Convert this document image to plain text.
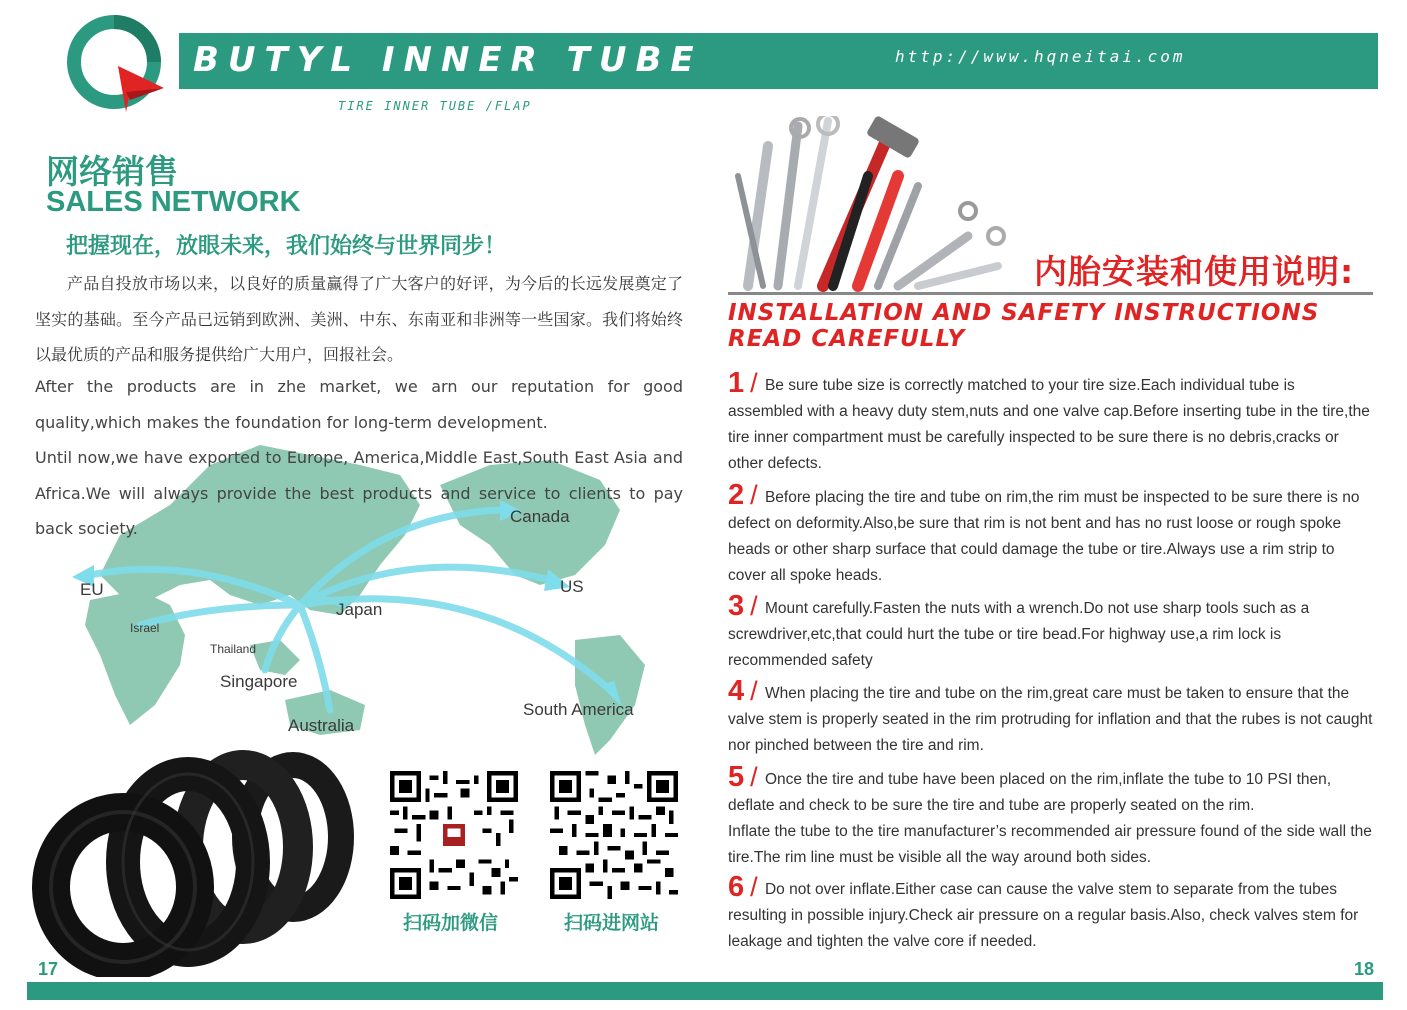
BUTYL INNER TUBE	http://www.hqneitai.com
TIRE INNER TUBE /FLAP
Canada
US
EU
Israel
Japan
Thailand
Singapore
Australia
South America
网络销售
SALES NETWORK
把握现在，放眼未来，我们始终与世界同步！

产品自投放市场以来，以良好的质量赢得了广大客户的好评，为今后的长远发展奠定了坚实的基础。至今产品已远销到欧洲、美洲、中东、东南亚和非洲等一些国家。我们将始终以最优质的产品和服务提供给广大用户，回报社会。

After the products are in zhe market, we arn our reputation for good quality,which makes the foundation for long-term development.

Until now,we have exported to Europe, America,Middle East,South East Asia and Africa.We will always provide the best products and service to clients to pay back society.

扫码加微信	扫码进网站
17
内胎安装和使用说明:
INSTALLATION AND SAFETY INSTRUCTIONS
READ CAREFULLY
1 / Be sure tube size is correctly matched to your tire size.Each individual tube is assembled with a heavy duty stem,nuts and one valve cap.Before inserting tube in the tire,the tire inner compartment must be carefully inspected to be sure there is no debris,cracks or other defects.
2 / Before placing the tire and tube on rim,the rim must be inspected to be sure there is no defect on deformity.Also,be sure that rim is not bent and has no rust loose or rough spoke heads or other sharp surface that could damage the tube or tire.Always use a rim strip to cover all spoke heads.
3 / Mount carefully.Fasten the nuts with a wrench.Do not use sharp tools such as a screwdriver,etc,that could hurt the tube or tire bead.For highway use,a rim lock is recommended safety
4 / When placing the tire and tube on the rim,great care must be taken to ensure that the valve stem is properly seated in the rim protruding for inflation and that the rubes is not caught nor pinched between the tire and rim.
5 / Once the tire and tube have been placed on the rim,inflate the tube to 10 PSI then, deflate and check to be sure the tire and tube are properly seated on the rim.
Inflate the tube to the tire manufacturer’s recommended air pressure found of the side wall the tire.The rim line must be visible all the way around both sides.
6 / Do not over inflate.Either case can cause the valve stem to separate from the tubes resulting in possible injury.Check air pressure on a regular basis.Also, check valves stem for leakage and tighten the valve core if needed.
18
